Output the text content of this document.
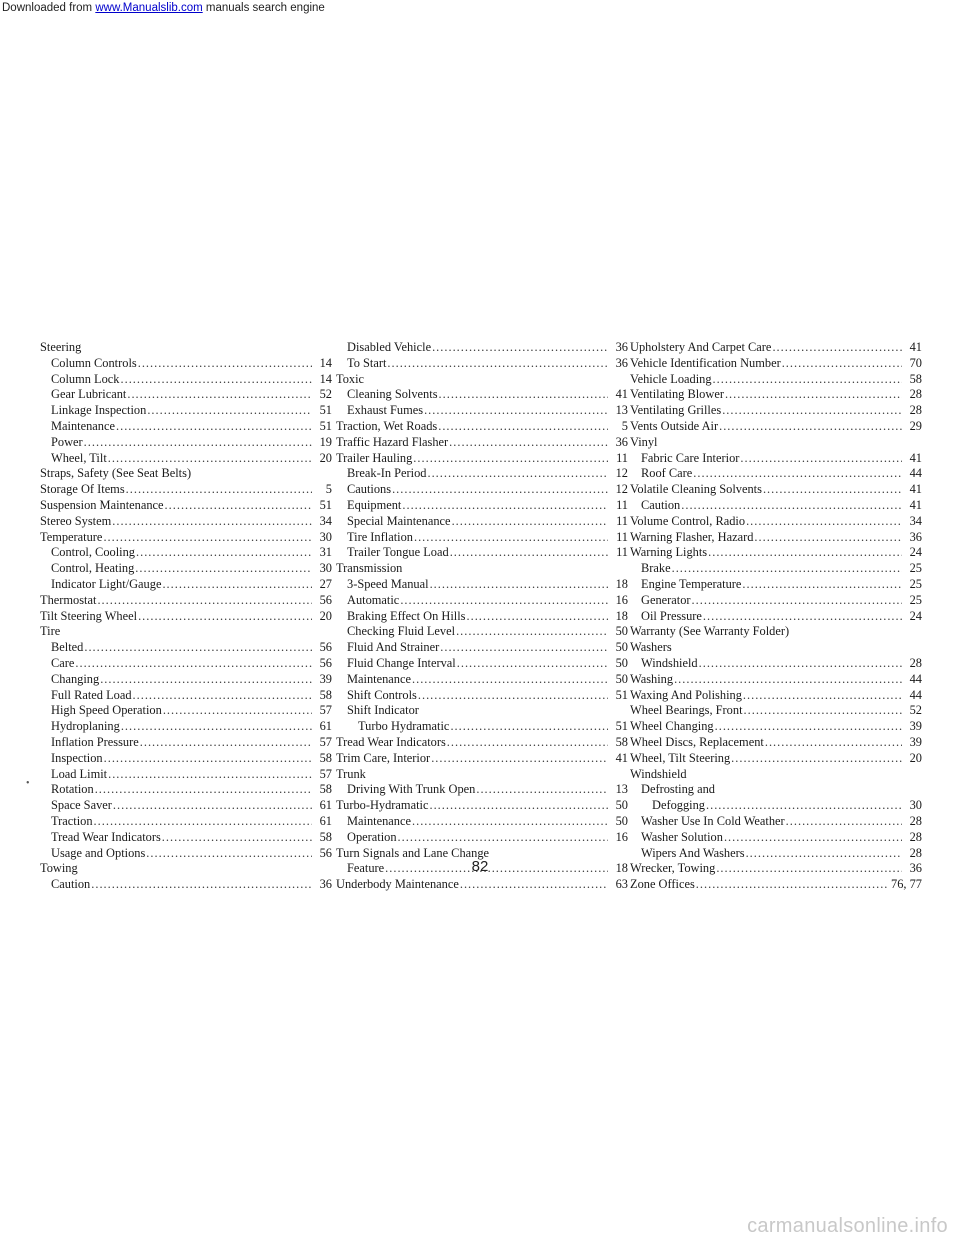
Downloaded from www.Manualslib.com manuals search engine
Steering
Column Controls .....	14
Column Lock .....	14
Gear Lubricant .....	52
Linkage Inspection .....	51
Maintenance .....	51
Power .....	19
Wheel, Tilt .....	20
Straps, Safety (See Seat Belts)
Storage Of Items .....	5
Suspension Maintenance .....	51
Stereo System .....	34
Temperature .....	30
Control, Cooling .....	31
Control, Heating .....	30
Indicator Light/Gauge .....	27
Thermostat .....	56
Tilt Steering Wheel .....	20
Tire
Belted .....	56
Care .....	56
Changing .....	39
Full Rated Load .....	58
High Speed Operation .....	57
Hydroplaning .....	61
Inflation Pressure .....	57
Inspection .....	58
Load Limit .....	57
Rotation .....	58
Space Saver .....	61
Traction .....	61
Tread Wear Indicators .....	58
Usage and Options .....	56
Towing
Caution .....	36
Disabled Vehicle .....	36
To Start .....	36
Toxic
Cleaning Solvents .....	41
Exhaust Fumes .....	13
Traction, Wet Roads .....	5
Traffic Hazard Flasher .....	36
Trailer Hauling .....	11
Break-In Period .....	12
Cautions .....	12
Equipment .....	11
Special Maintenance .....	11
Tire Inflation .....	11
Trailer Tongue Load .....	11
Transmission
3-Speed Manual .....	18
Automatic .....	16
Braking Effect On Hills .....	18
Checking Fluid Level .....	50
Fluid And Strainer .....	50
Fluid Change Interval .....	50
Maintenance .....	50
Shift Controls .....	51
Shift Indicator
Turbo Hydramatic .....	51
Tread Wear Indicators .....	58
Trim Care, Interior .....	41
Trunk
Driving With Trunk Open .....	13
Turbo-Hydramatic .....	50
Maintenance .....	50
Operation .....	16
Turn Signals and Lane Change
Feature .....	18
Underbody Maintenance .....	63
Upholstery And Carpet Care .....	41
Vehicle Identification Number .....	70
Vehicle Loading .....	58
Ventilating Blower .....	28
Ventilating Grilles .....	28
Vents Outside Air .....	29
Vinyl
Fabric Care Interior .....	41
Roof Care .....	44
Volatile Cleaning Solvents .....	41
Caution .....	41
Volume Control, Radio .....	34
Warning Flasher, Hazard .....	36
Warning Lights .....	24
Brake .....	25
Engine Temperature .....	25
Generator .....	25
Oil Pressure .....	24
Warranty (See Warranty Folder)
Washers
Windshield .....	28
Washing .....	44
Waxing And Polishing .....	44
Wheel Bearings, Front .....	52
Wheel Changing .....	39
Wheel Discs, Replacement .....	39
Wheel, Tilt Steering .....	20
Windshield
Defrosting and
Defogging .....	30
Washer Use In Cold Weather .....	28
Washer Solution .....	28
Wipers And Washers .....	28
Wrecker, Towing .....	36
Zone Offices .....	76, 77
•
82
carmanualsonline.info
